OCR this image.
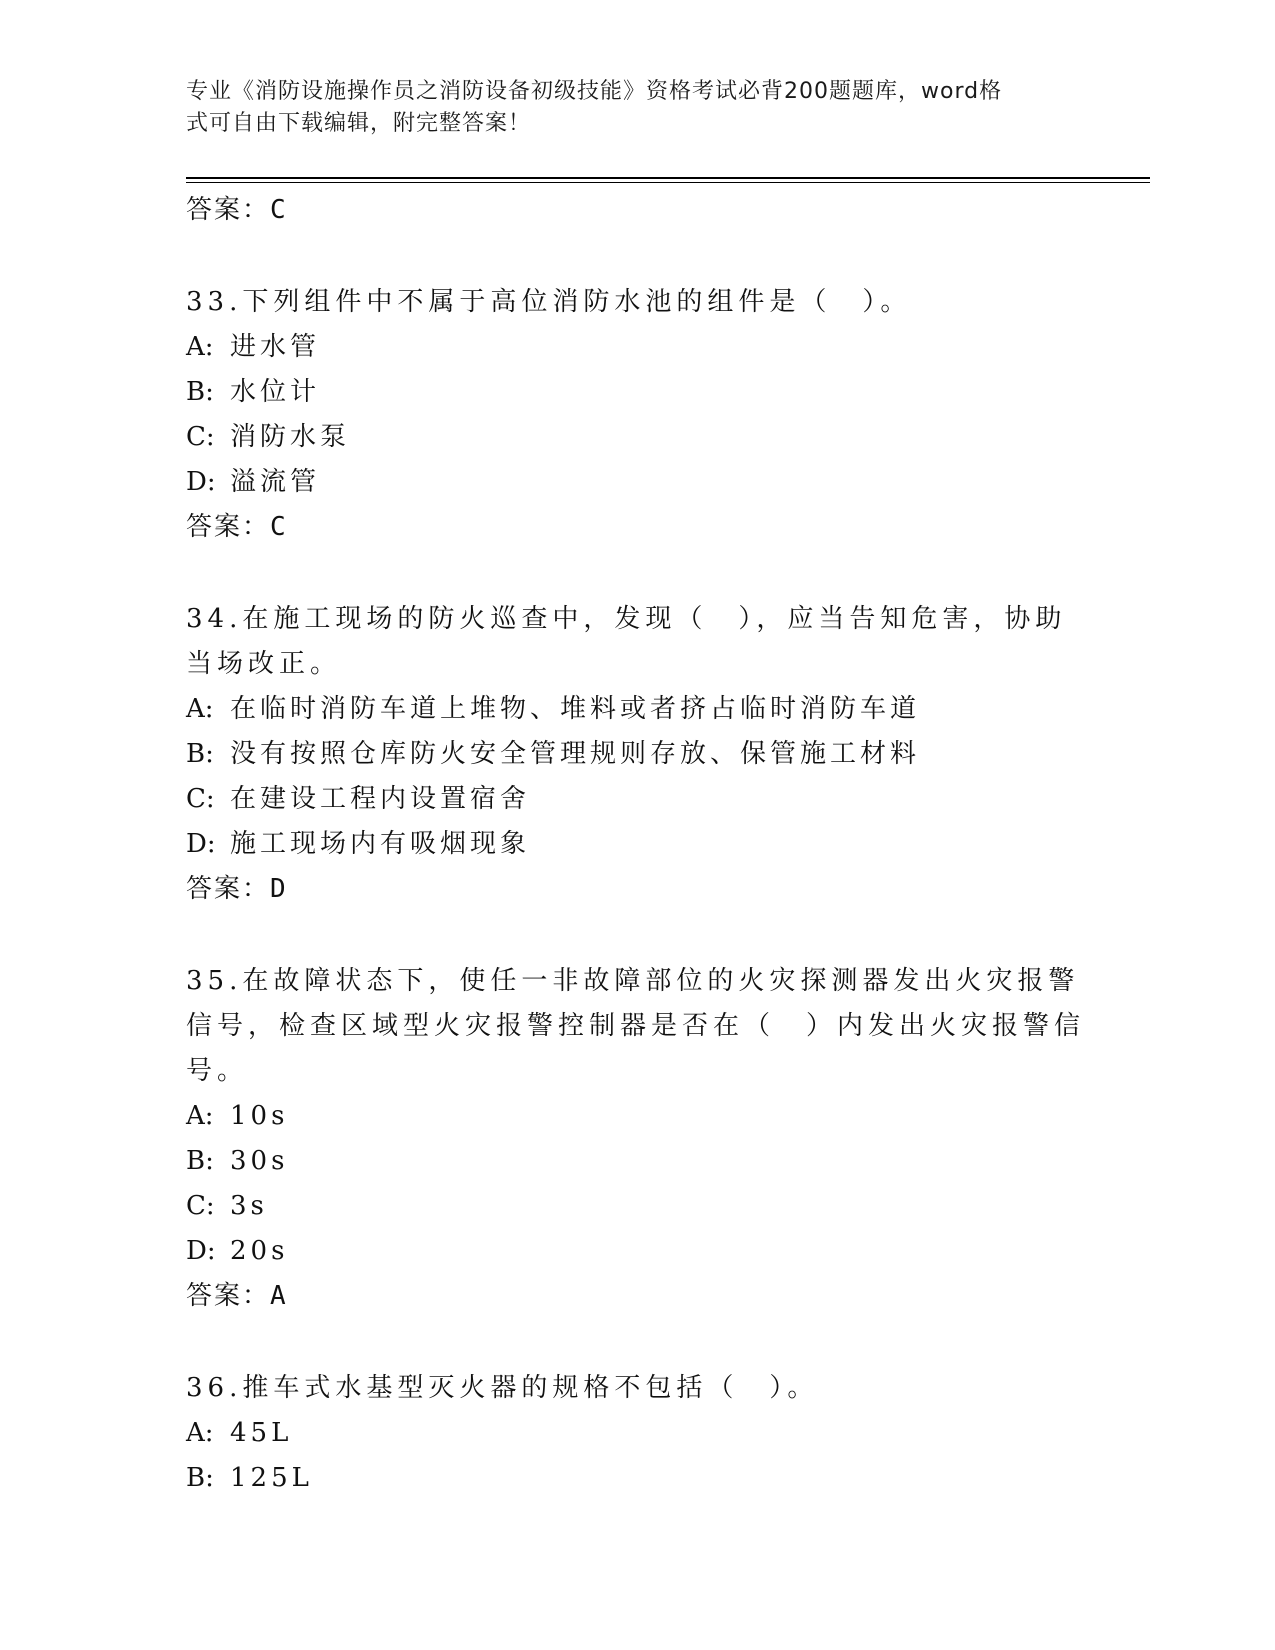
专业《消防设施操作员之消防设备初级技能》资格考试必背200题题库，word格
式可自由下载编辑，附完整答案！

答案：C

33.下列组件中不属于高位消防水池的组件是（　）。

A: 进水管

B: 水位计

C: 消防水泵

D: 溢流管

答案：C

34.在施工现场的防火巡查中，发现（　），应当告知危害，协助当场改正。

A: 在临时消防车道上堆物、堆料或者挤占临时消防车道

B: 没有按照仓库防火安全管理规则存放、保管施工材料

C: 在建设工程内设置宿舍

D: 施工现场内有吸烟现象

答案：D

35.在故障状态下，使任一非故障部位的火灾探测器发出火灾报警信号，检查区域型火灾报警控制器是否在（　）内发出火灾报警信号。

A: 10s

B: 30s

C: 3s

D: 20s

答案：A

36.推车式水基型灭火器的规格不包括（　）。

A: 45L

B: 125L
